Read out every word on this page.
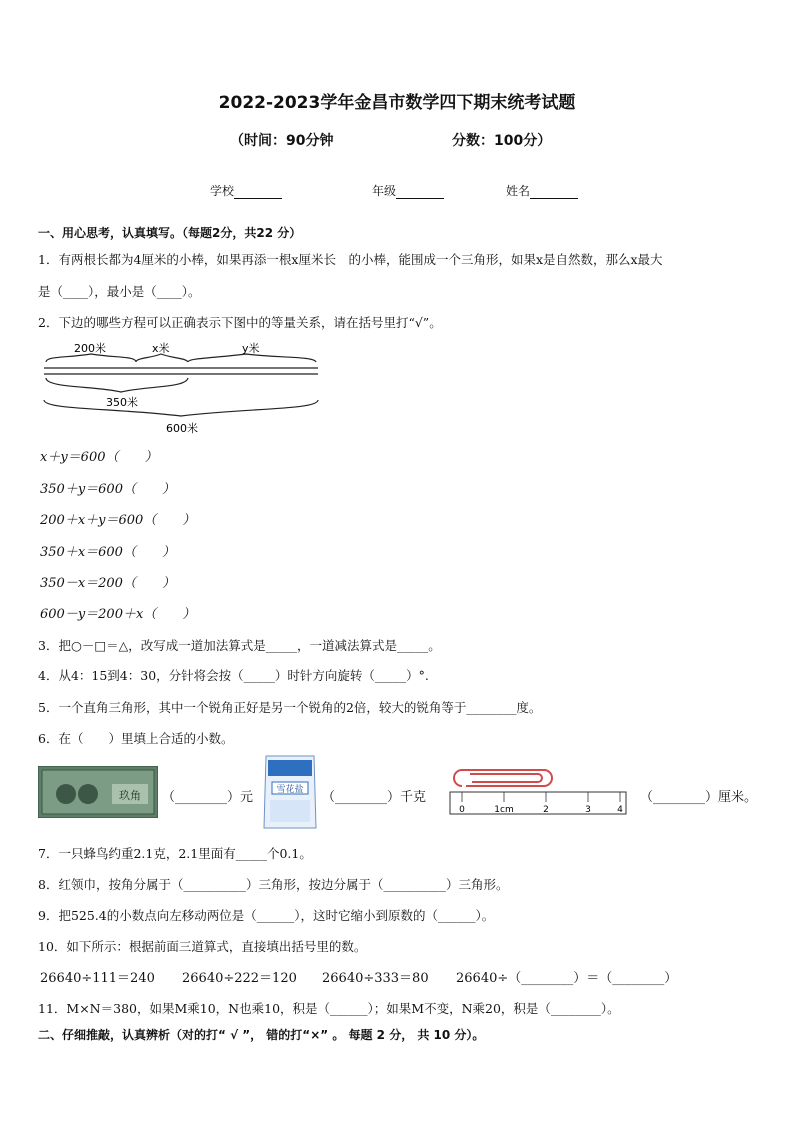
2022-2023学年金昌市数学四下期末统考试题
（时间：90分钟	分数：100分）
学校	年级	姓名
一、用心思考，认真填写。（每题2分，共22 分）
1．有两根长都为4厘米的小棒，如果再添一根x厘米长　的小棒，能围成一个三角形，如果x是自然数，那么x最大
是（____），最小是（____）。
2．下边的哪些方程可以正确表示下图中的等量关系，请在括号里打“√”。
200米	x米	y米
350米
600米
x＋y＝600（　　）
350＋y＝600（　　）
200＋x＋y＝600（　　）
350＋x＝600（　　）
350－x＝200（　　）
600－y＝200＋x（　　）
3．把○－□＝△，改写成一道加法算式是_____，一道减法算式是_____。
4．从4：15到4：30，分针将会按（_____）时针方向旋转（_____）°.
5．一个直角三角形，其中一个锐角正好是另一个锐角的2倍，较大的锐角等于________度。
6．在（　　）里填上合适的小数。
玖角 （________）元	雪花盐 （________）千克
0	1cm	2	3	4
（________）厘米。
7．一只蜂鸟约重2.1克，2.1里面有_____个0.1。
8．红领巾，按角分属于（__________）三角形，按边分属于（__________）三角形。
9．把525.4的小数点向左移动两位是（______），这时它缩小到原数的（______）。
10．如下所示：根据前面三道算式，直接填出括号里的数。
26640÷111＝240 26640÷222＝120 26640÷333＝80 26640÷（________）＝（________）
11．M×N＝380，如果M乘10，N也乘10，积是（______）；如果M不变，N乘20，积是（________）。
二、仔细推敲，认真辨析（对的打“ √ ”， 错的打“×” 。 每题 2 分， 共 10 分）。
